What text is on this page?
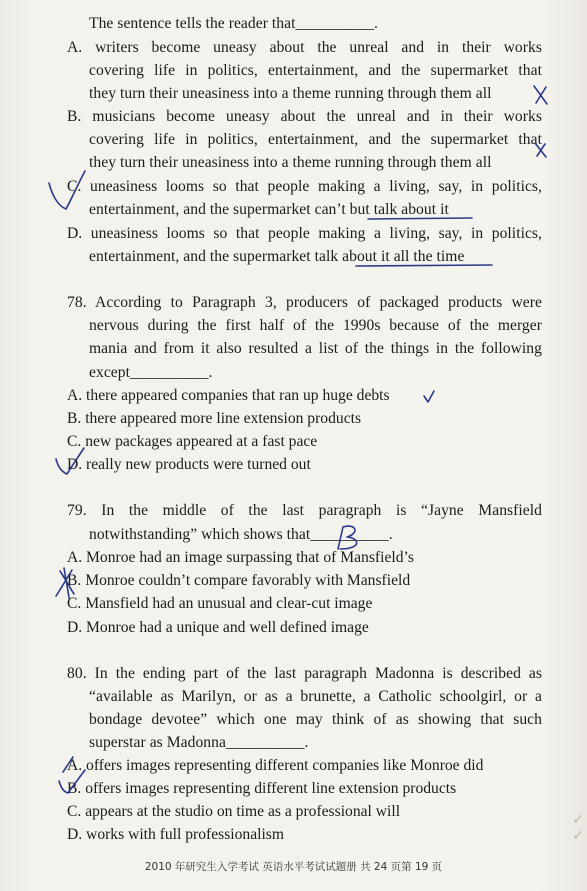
The sentence tells the reader that__________.
A. writers become uneasy about the unreal and in their works
covering life in politics, entertainment, and the supermarket that
they turn their uneasiness into a theme running through them all
B. musicians become uneasy about the unreal and in their works
covering life in politics, entertainment, and the supermarket that
they turn their uneasiness into a theme running through them all
C. uneasiness looms so that people making a living, say, in politics,
entertainment, and the supermarket can’t but talk about it
D. uneasiness looms so that people making a living, say, in politics,
entertainment, and the supermarket talk about it all the time
78. According to Paragraph 3, producers of packaged products were
nervous during the first half of the 1990s because of the merger
mania and from it also resulted a list of the things in the following
except__________.
A. there appeared companies that ran up huge debts
B. there appeared more line extension products
C. new packages appeared at a fast pace
D. really new products were turned out
79. In the middle of the last paragraph is “Jayne Mansfield
notwithstanding” which shows that__________.
A. Monroe had an image surpassing that of Mansfield’s
B. Monroe couldn’t compare favorably with Mansfield
C. Mansfield had an unusual and clear-cut image
D. Monroe had a unique and well defined image
80. In the ending part of the last paragraph Madonna is described as
“available as Marilyn, or as a brunette, a Catholic schoolgirl, or a
bondage devotee” which one may think of as showing that such
superstar as Madonna__________.
A. offers images representing different companies like Monroe did
B. offers images representing different line extension products
C. appears at the studio on time as a professional will
D. works with full professionalism
2010 年研究生入学考试 英语水平考试试题册 共 24 页第 19 页
✓✓
